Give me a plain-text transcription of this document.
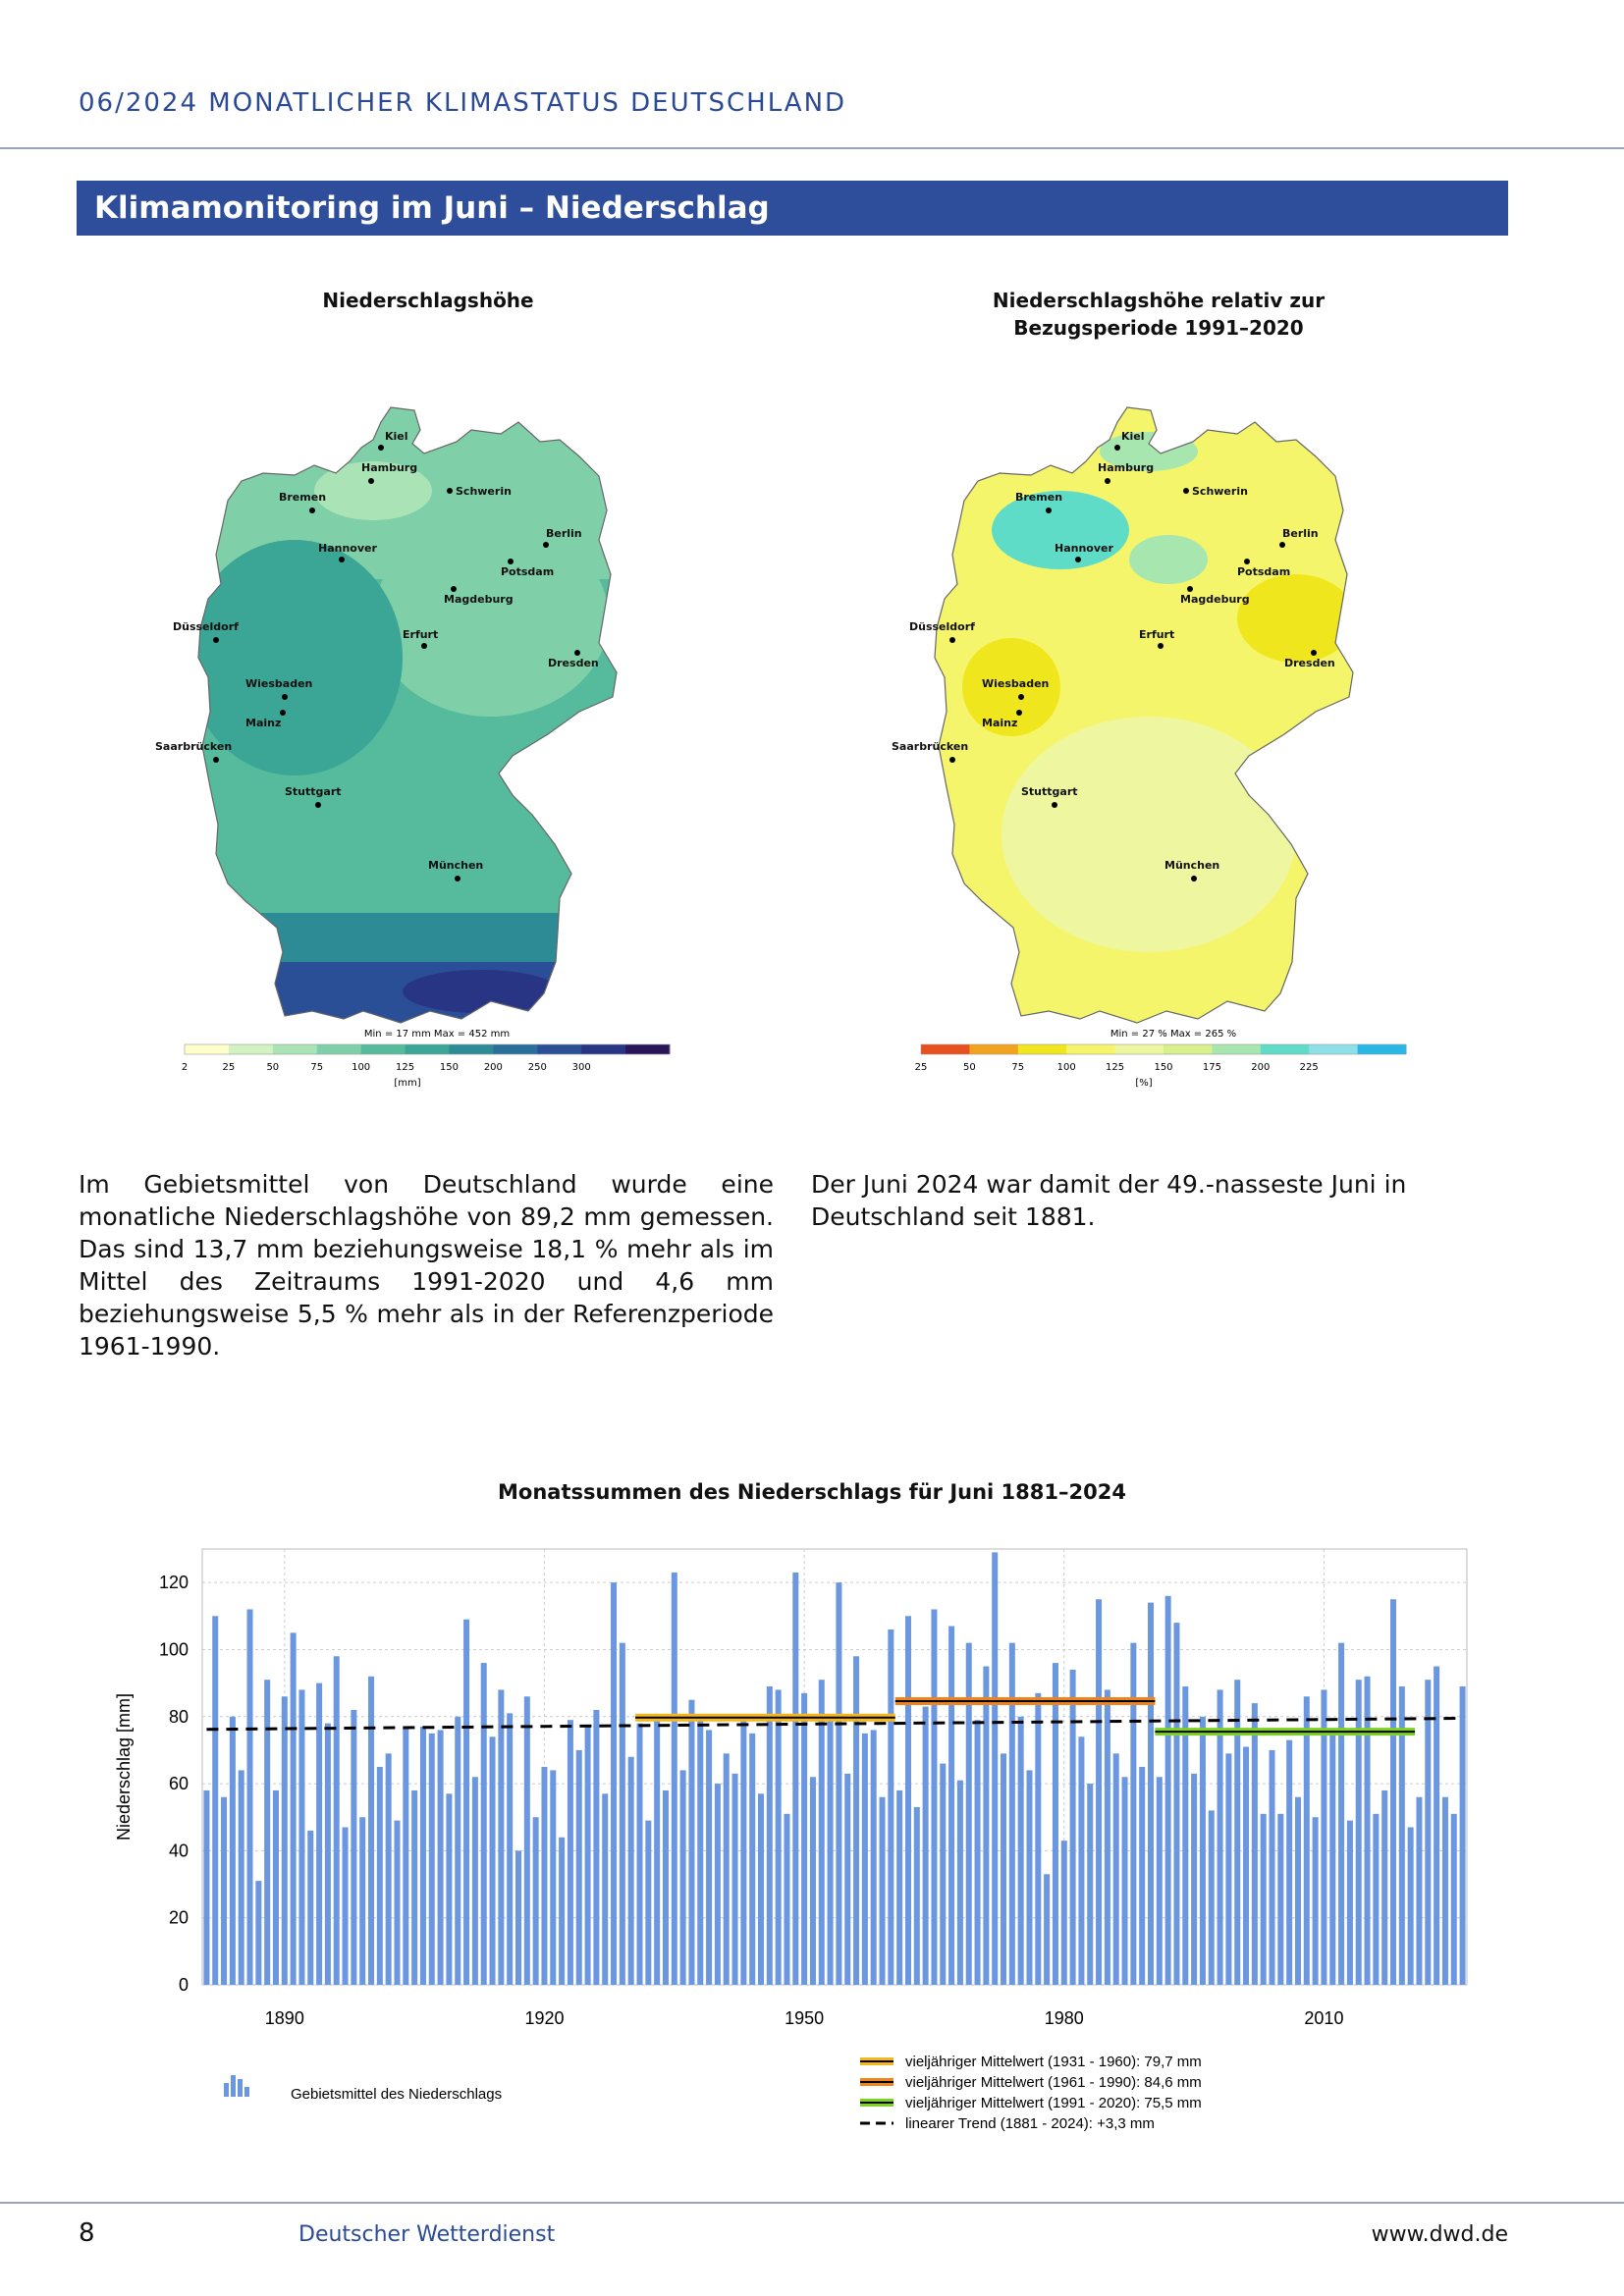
06/2024 MONATLICHER KLIMASTATUS DEUTSCHLAND
Klimamonitoring im Juni – Niederschlag
Niederschlagshöhe
Kiel
Hamburg
Schwerin
Bremen
Berlin
Hannover
Potsdam
Magdeburg
Düsseldorf
Erfurt
Dresden
Wiesbaden
Mainz
Saarbrücken
Stuttgart
München
Min = 17 mm Max = 452 mm
2	25	50	75	100	125	150	200	250	300
[mm]
Niederschlagshöhe relativ zur
Bezugsperiode 1991–2020
Kiel
Hamburg
Schwerin
Bremen
Berlin
Hannover
Potsdam
Magdeburg
Düsseldorf
Erfurt
Dresden
Wiesbaden
Mainz
Saarbrücken
Stuttgart
München
Min = 27 % Max = 265 %
25	50	75	100	125	150	175	200	225
[%]
Im Gebietsmittel von Deutschland wurde eine monatliche Niederschlagshöhe von 89,2 mm gemessen. Das sind 13,7 mm beziehungsweise 18,1 % mehr als im Mittel des Zeitraums 1991-2020 und 4,6 mm beziehungsweise 5,5 % mehr als in der Referenzperiode 1961-1990.
Der Juni 2024 war damit der 49.-nasseste Juni in Deutschland seit 1881.
Monatssummen des Niederschlags für Juni 1881–2024
0
20
40
60
80
100
120
1890	1920	1950	1980	2010
Niederschlag [mm]
Gebietsmittel des Niederschlags
vieljähriger Mittelwert (1931 - 1960): 79,7 mm
vieljähriger Mittelwert (1961 - 1990): 84,6 mm
vieljähriger Mittelwert (1991 - 2020): 75,5 mm
linearer Trend (1881 - 2024): +3,3 mm
8	Deutscher Wetterdienst	www.dwd.de
